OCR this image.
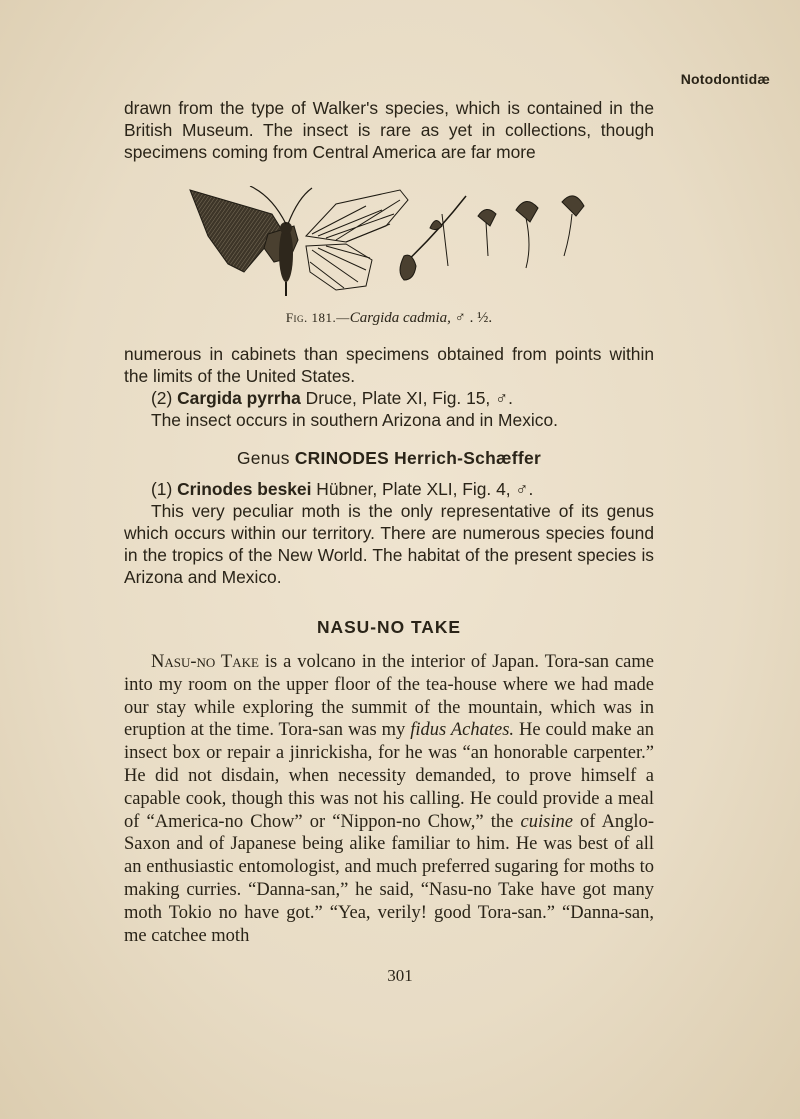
Notodontidæ

drawn from the type of Walker's species, which is contained in the British Museum. The insect is rare as yet in collections, though specimens coming from Central America are far more

Fig. 181.—Cargida cadmia, ♂ . ½.

numerous in cabinets than specimens obtained from points within the limits of the United States.

(2) Cargida pyrrha Druce, Plate XI, Fig. 15, ♂.

The insect occurs in southern Arizona and in Mexico.

Genus CRINODES Herrich-Schæffer

(1) Crinodes beskei Hübner, Plate XLI, Fig. 4, ♂.

This very peculiar moth is the only representative of its genus which occurs within our territory. There are numerous species found in the tropics of the New World. The habitat of the present species is Arizona and Mexico.

NASU-NO TAKE

Nasu-no Take is a volcano in the interior of Japan. Tora-san came into my room on the upper floor of the tea-house where we had made our stay while exploring the summit of the mountain, which was in eruption at the time. Tora-san was my fidus Achates. He could make an insect box or repair a jinrickisha, for he was “an honorable carpenter.” He did not disdain, when necessity demanded, to prove himself a capable cook, though this was not his calling. He could provide a meal of “America-no Chow” or “Nippon-no Chow,” the cuisine of Anglo-Saxon and of Japanese being alike familiar to him. He was best of all an enthusiastic entomologist, and much preferred sugaring for moths to making curries. “Danna-san,” he said, “Nasu-no Take have got many moth Tokio no have got.” “Yea, verily! good Tora-san.” “Danna-san, me catchee moth

301
